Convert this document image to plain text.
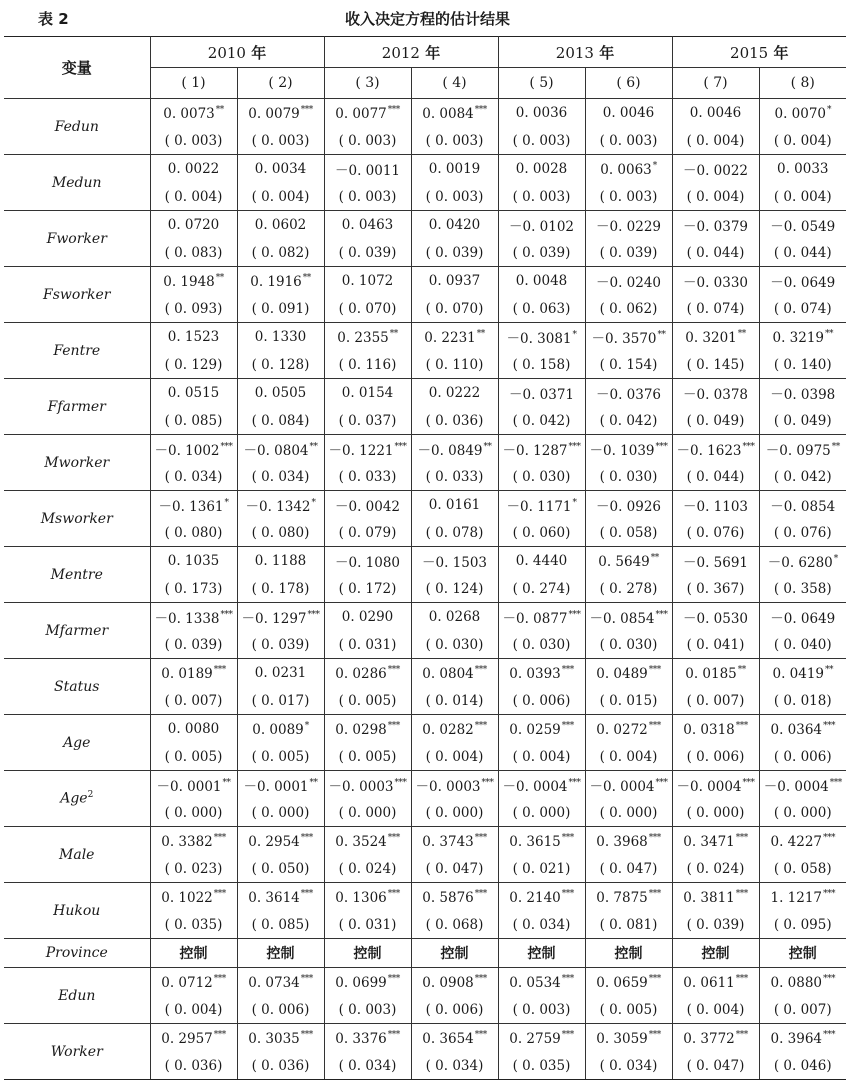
表 2	收入决定方程的估计结果
变量	2010 年		2012 年		2013 年		2015 年	
	( 1)	( 2)	( 3)	( 4)	( 5)	( 6)	( 7)	( 8)
Fedun	0. 0073**	0. 0079***	0. 0077***	0. 0084***	0. 0036	0. 0046	0. 0046	0. 0070*
	( 0. 003)	( 0. 003)	( 0. 003)	( 0. 003)	( 0. 003)	( 0. 003)	( 0. 004)	( 0. 004)
Medun	0. 0022	0. 0034	－0. 0011	0. 0019	0. 0028	0. 0063*	－0. 0022	0. 0033
	( 0. 004)	( 0. 004)	( 0. 003)	( 0. 003)	( 0. 003)	( 0. 003)	( 0. 004)	( 0. 004)
Fworker	0. 0720	0. 0602	0. 0463	0. 0420	－0. 0102	－0. 0229	－0. 0379	－0. 0549
	( 0. 083)	( 0. 082)	( 0. 039)	( 0. 039)	( 0. 039)	( 0. 039)	( 0. 044)	( 0. 044)
Fsworker	0. 1948**	0. 1916**	0. 1072	0. 0937	0. 0048	－0. 0240	－0. 0330	－0. 0649
	( 0. 093)	( 0. 091)	( 0. 070)	( 0. 070)	( 0. 063)	( 0. 062)	( 0. 074)	( 0. 074)
Fentre	0. 1523	0. 1330	0. 2355**	0. 2231**	－0. 3081*	－0. 3570**	0. 3201**	0. 3219**
	( 0. 129)	( 0. 128)	( 0. 116)	( 0. 110)	( 0. 158)	( 0. 154)	( 0. 145)	( 0. 140)
Ffarmer	0. 0515	0. 0505	0. 0154	0. 0222	－0. 0371	－0. 0376	－0. 0378	－0. 0398
	( 0. 085)	( 0. 084)	( 0. 037)	( 0. 036)	( 0. 042)	( 0. 042)	( 0. 049)	( 0. 049)
Mworker	－0. 1002***	－0. 0804**	－0. 1221***	－0. 0849**	－0. 1287***	－0. 1039***	－0. 1623***	－0. 0975**
	( 0. 034)	( 0. 034)	( 0. 033)	( 0. 033)	( 0. 030)	( 0. 030)	( 0. 044)	( 0. 042)
Msworker	－0. 1361*	－0. 1342*	－0. 0042	0. 0161	－0. 1171*	－0. 0926	－0. 1103	－0. 0854
	( 0. 080)	( 0. 080)	( 0. 079)	( 0. 078)	( 0. 060)	( 0. 058)	( 0. 076)	( 0. 076)
Mentre	0. 1035	0. 1188	－0. 1080	－0. 1503	0. 4440	0. 5649**	－0. 5691	－0. 6280*
	( 0. 173)	( 0. 178)	( 0. 172)	( 0. 124)	( 0. 274)	( 0. 278)	( 0. 367)	( 0. 358)
Mfarmer	－0. 1338***	－0. 1297***	0. 0290	0. 0268	－0. 0877***	－0. 0854***	－0. 0530	－0. 0649
	( 0. 039)	( 0. 039)	( 0. 031)	( 0. 030)	( 0. 030)	( 0. 030)	( 0. 041)	( 0. 040)
Status	0. 0189***	0. 0231	0. 0286***	0. 0804***	0. 0393***	0. 0489***	0. 0185**	0. 0419**
	( 0. 007)	( 0. 017)	( 0. 005)	( 0. 014)	( 0. 006)	( 0. 015)	( 0. 007)	( 0. 018)
Age	0. 0080	0. 0089*	0. 0298***	0. 0282***	0. 0259***	0. 0272***	0. 0318***	0. 0364***
	( 0. 005)	( 0. 005)	( 0. 005)	( 0. 004)	( 0. 004)	( 0. 004)	( 0. 006)	( 0. 006)
Age$^2$	－0. 0001**	－0. 0001**	－0. 0003***	－0. 0003***	－0. 0004***	－0. 0004***	－0. 0004***	－0. 0004***
	( 0. 000)	( 0. 000)	( 0. 000)	( 0. 000)	( 0. 000)	( 0. 000)	( 0. 000)	( 0. 000)
Male	0. 3382***	0. 2954***	0. 3524***	0. 3743***	0. 3615***	0. 3968***	0. 3471***	0. 4227***
	( 0. 023)	( 0. 050)	( 0. 024)	( 0. 047)	( 0. 021)	( 0. 047)	( 0. 024)	( 0. 058)
Hukou	0. 1022***	0. 3614***	0. 1306***	0. 5876***	0. 2140***	0. 7875***	0. 3811***	1. 1217***
	( 0. 035)	( 0. 085)	( 0. 031)	( 0. 068)	( 0. 034)	( 0. 081)	( 0. 039)	( 0. 095)
Province	控制	控制	控制	控制	控制	控制	控制	控制
Edun	0. 0712***	0. 0734***	0. 0699***	0. 0908***	0. 0534***	0. 0659***	0. 0611***	0. 0880***
	( 0. 004)	( 0. 006)	( 0. 003)	( 0. 006)	( 0. 003)	( 0. 005)	( 0. 004)	( 0. 007)
Worker	0. 2957***	0. 3035***	0. 3376***	0. 3654***	0. 2759***	0. 3059***	0. 3772***	0. 3964***
	( 0. 036)	( 0. 036)	( 0. 034)	( 0. 034)	( 0. 035)	( 0. 034)	( 0. 047)	( 0. 046)
